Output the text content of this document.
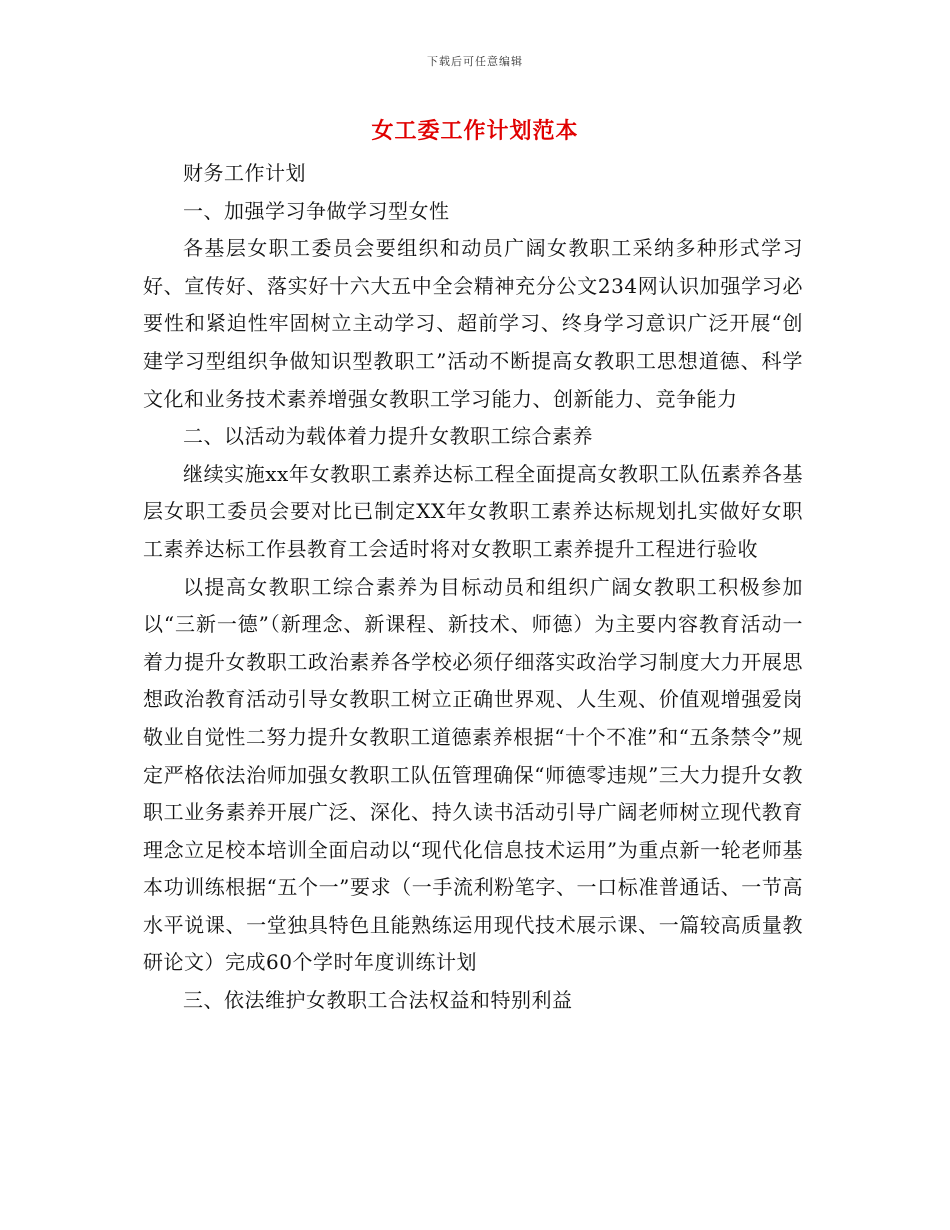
下载后可任意编辑
女工委工作计划范本

财务工作计划

一、加强学习争做学习型女性

各基层女职工委员会要组织和动员广阔女教职工采纳多种形式学习好、宣传好、落实好十六大五中全会精神充分公文234网认识加强学习必要性和紧迫性牢固树立主动学习、超前学习、终身学习意识广泛开展“创建学习型组织争做知识型教职工”活动不断提高女教职工思想道德、科学文化和业务技术素养增强女教职工学习能力、创新能力、竞争能力

二、以活动为载体着力提升女教职工综合素养

继续实施xx年女教职工素养达标工程全面提高女教职工队伍素养各基层女职工委员会要对比已制定XX年女教职工素养达标规划扎实做好女职工素养达标工作县教育工会适时将对女教职工素养提升工程进行验收

以提高女教职工综合素养为目标动员和组织广阔女教职工积极参加以“三新一德”（新理念、新课程、新技术、师德）为主要内容教育活动一着力提升女教职工政治素养各学校必须仔细落实政治学习制度大力开展思想政治教育活动引导女教职工树立正确世界观、人生观、价值观增强爱岗敬业自觉性二努力提升女教职工道德素养根据“十个不准”和“五条禁令”规定严格依法治师加强女教职工队伍管理确保“师德零违规”三大力提升女教职工业务素养开展广泛、深化、持久读书活动引导广阔老师树立现代教育理念立足校本培训全面启动以“现代化信息技术运用”为重点新一轮老师基本功训练根据“五个一”要求（一手流利粉笔字、一口标准普通话、一节高水平说课、一堂独具特色且能熟练运用现代技术展示课、一篇较高质量教研论文）完成60个学时年度训练计划

三、依法维护女教职工合法权益和特别利益
